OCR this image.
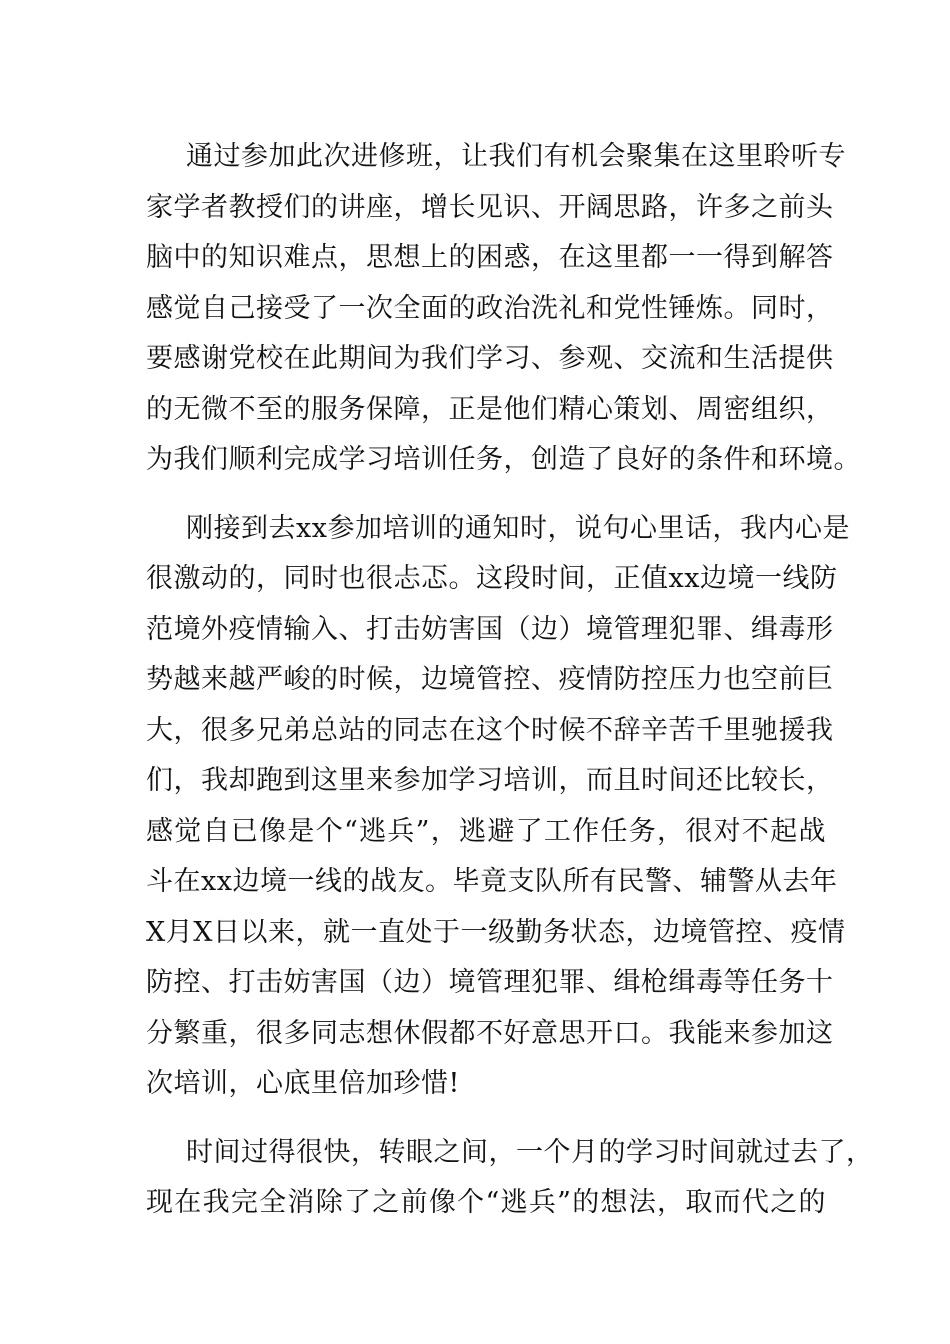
通过参加此次进修班，让我们有机会聚集在这里聆听专
家学者教授们的讲座，增长见识、开阔思路，许多之前头
脑中的知识难点，思想上的困惑，在这里都一一得到解答
感觉自己接受了一次全面的政治洗礼和党性锤炼。同时，
要感谢党校在此期间为我们学习、参观、交流和生活提供
的无微不至的服务保障，正是他们精心策划、周密组织，
为我们顺利完成学习培训任务，创造了良好的条件和环境。
刚接到去xx参加培训的通知时，说句心里话，我内心是
很激动的，同时也很忐忑。这段时间，正值xx边境一线防
范境外疫情输入、打击妨害国（边）境管理犯罪、缉毒形
势越来越严峻的时候，边境管控、疫情防控压力也空前巨
大，很多兄弟总站的同志在这个时候不辞辛苦千里驰援我
们，我却跑到这里来参加学习培训，而且时间还比较长，
感觉自已像是个“逃兵”，逃避了工作任务，很对不起战
斗在xx边境一线的战友。毕竟支队所有民警、辅警从去年
X月X日以来，就一直处于一级勤务状态，边境管控、疫情
防控、打击妨害国（边）境管理犯罪、缉枪缉毒等任务十
分繁重，很多同志想休假都不好意思开口。我能来参加这
次培训，心底里倍加珍惜!
时间过得很快，转眼之间，一个月的学习时间就过去了，
现在我完全消除了之前像个“逃兵”的想法，取而代之的
